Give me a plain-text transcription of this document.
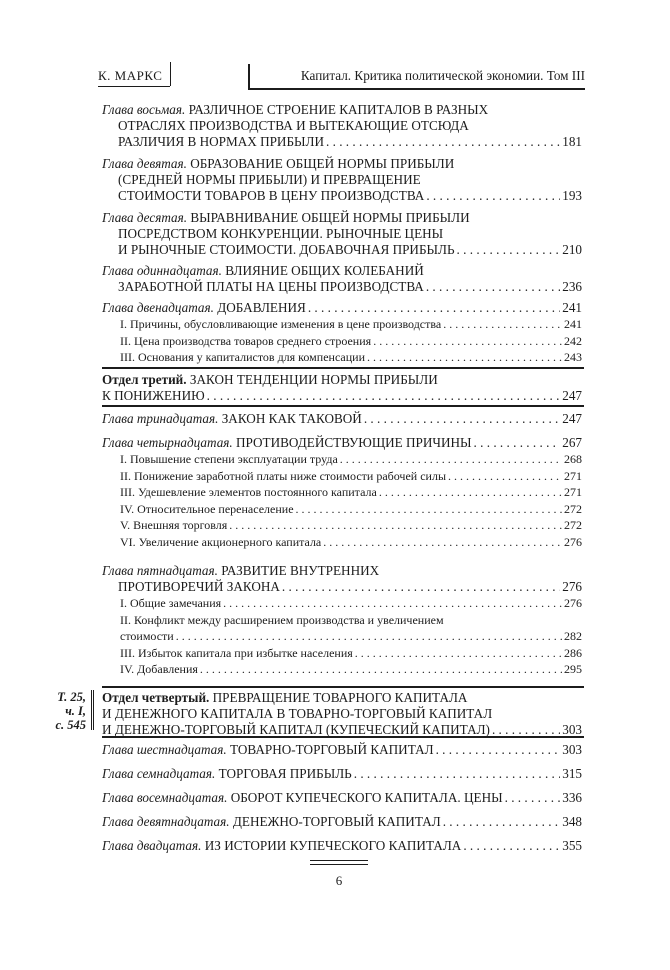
К. МАРКС	Капитал. Критика политической экономии. Том III
Глава восьмая. РАЗЛИЧНОЕ СТРОЕНИЕ КАПИТАЛОВ В РАЗНЫХ
ОТРАСЛЯХ ПРОИЗВОДСТВА И ВЫТЕКАЮЩИЕ ОТСЮДА
РАЗЛИЧИЯ В НОРМАХ ПРИБЫЛИ . . .	181
Глава девятая. ОБРАЗОВАНИЕ ОБЩЕЙ НОРМЫ ПРИБЫЛИ
(СРЕДНЕЙ НОРМЫ ПРИБЫЛИ) И ПРЕВРАЩЕНИЕ
СТОИМОСТИ ТОВАРОВ В ЦЕНУ ПРОИЗВОДСТВА . . .	193
Глава десятая. ВЫРАВНИВАНИЕ ОБЩЕЙ НОРМЫ ПРИБЫЛИ
ПОСРЕДСТВОМ КОНКУРЕНЦИИ. РЫНОЧНЫЕ ЦЕНЫ
И РЫНОЧНЫЕ СТОИМОСТИ. ДОБАВОЧНАЯ ПРИБЫЛЬ . . .	210
Глава одиннадцатая. ВЛИЯНИЕ ОБЩИХ КОЛЕБАНИЙ
ЗАРАБОТНОЙ ПЛАТЫ НА ЦЕНЫ ПРОИЗВОДСТВА . . .	236
Глава двенадцатая. ДОБАВЛЕНИЯ . . .	241
I. Причины, обусловливающие изменения в цене производства . . .	241
II. Цена производства товаров среднего строения . . .	242
III. Основания у капиталистов для компенсации . . .	243
Отдел третий. ЗАКОН ТЕНДЕНЦИИ НОРМЫ ПРИБЫЛИ
К ПОНИЖЕНИЮ . . .	247
Глава тринадцатая. ЗАКОН КАК ТАКОВОЙ . . .	247
Глава четырнадцатая. ПРОТИВОДЕЙСТВУЮЩИЕ ПРИЧИНЫ . . .	267
I. Повышение степени эксплуатации труда . . .	268
II. Понижение заработной платы ниже стоимости рабочей силы . . .	271
III. Удешевление элементов постоянного капитала . . .	271
IV. Относительное перенаселение . . .	272
V. Внешняя торговля . . .	272
VI. Увеличение акционерного капитала . . .	276
Глава пятнадцатая. РАЗВИТИЕ ВНУТРЕННИХ
ПРОТИВОРЕЧИЙ ЗАКОНА . . .	276
I. Общие замечания . . .	276
II. Конфликт между расширением производства и увеличением
стоимости . . .	282
III. Избыток капитала при избытке населения . . .	286
IV. Добавления . . .	295
Отдел четвертый. ПРЕВРАЩЕНИЕ ТОВАРНОГО КАПИТАЛА
И ДЕНЕЖНОГО КАПИТАЛА В ТОВАРНО-ТОРГОВЫЙ КАПИТАЛ
И ДЕНЕЖНО-ТОРГОВЫЙ КАПИТАЛ (КУПЕЧЕСКИЙ КАПИТАЛ) . . .	303
Глава шестнадцатая. ТОВАРНО-ТОРГОВЫЙ КАПИТАЛ . . .	303
Глава семнадцатая. ТОРГОВАЯ ПРИБЫЛЬ . . .	315
Глава восемнадцатая. ОБОРОТ КУПЕЧЕСКОГО КАПИТАЛА. ЦЕНЫ . . .	336
Глава девятнадцатая. ДЕНЕЖНО-ТОРГОВЫЙ КАПИТАЛ . . .	348
Глава двадцатая. ИЗ ИСТОРИИ КУПЕЧЕСКОГО КАПИТАЛА . . .	355
Т. 25,
ч. I,
с. 545
6
